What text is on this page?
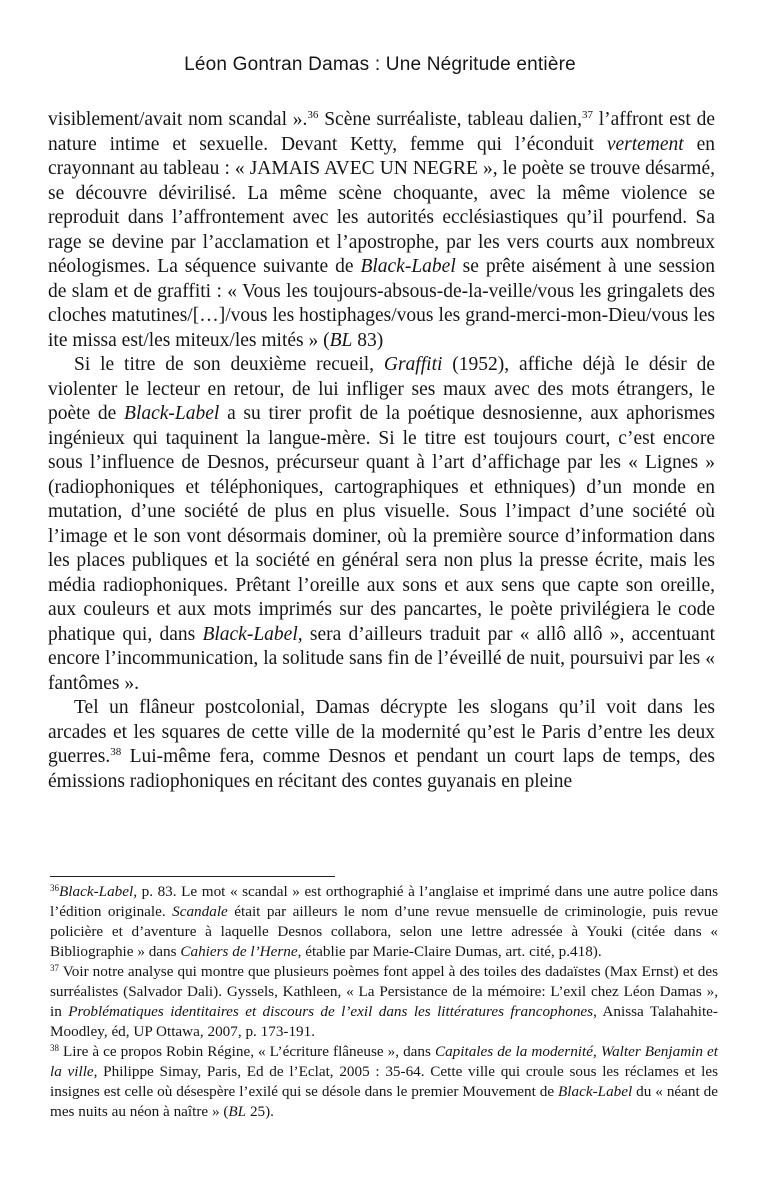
Léon Gontran Damas : Une Négritude entière

visiblement/avait nom scandal ».$^{36}$ Scène surréaliste, tableau dalien,$^{37}$ l’affront est de nature intime et sexuelle. Devant Ketty, femme qui l’éconduit vertement en crayonnant au tableau : « JAMAIS AVEC UN NEGRE », le poète se trouve désarmé, se découvre dévirilisé. La même scène choquante, avec la même violence se reproduit dans l’affrontement avec les autorités ecclésiastiques qu’il pourfend. Sa rage se devine par l’acclamation et l’apostrophe, par les vers courts aux nombreux néologismes. La séquence suivante de Black-Label se prête aisément à une session de slam et de graffiti : « Vous les toujours-absous-de-la-veille/vous les gringalets des cloches matutines/[…]/vous les hostiphages/vous les grand-merci-mon-Dieu/vous les ite missa est/les miteux/les mités » (BL 83)

Si le titre de son deuxième recueil, Graffiti (1952), affiche déjà le désir de violenter le lecteur en retour, de lui infliger ses maux avec des mots étrangers, le poète de Black-Label a su tirer profit de la poétique desnosienne, aux aphorismes ingénieux qui taquinent la langue-mère. Si le titre est toujours court, c’est encore sous l’influence de Desnos, précurseur quant à l’art d’affichage par les « Lignes » (radiophoniques et téléphoniques, cartographiques et ethniques) d’un monde en mutation, d’une société de plus en plus visuelle. Sous l’impact d’une société où l’image et le son vont désormais dominer, où la première source d’information dans les places publiques et la société en général sera non plus la presse écrite, mais les média radiophoniques. Prêtant l’oreille aux sons et aux sens que capte son oreille, aux couleurs et aux mots imprimés sur des pancartes, le poète privilégiera le code phatique qui, dans Black-Label, sera d’ailleurs traduit par « allô allô », accentuant encore l’incommunication, la solitude sans fin de l’éveillé de nuit, poursuivi par les « fantômes ».

Tel un flâneur postcolonial, Damas décrypte les slogans qu’il voit dans les arcades et les squares de cette ville de la modernité qu’est le Paris d’entre les deux guerres.$^{38}$ Lui-même fera, comme Desnos et pendant un court laps de temps, des émissions radiophoniques en récitant des contes guyanais en pleine

$^{36}$Black-Label, p. 83. Le mot « scandal » est orthographié à l’anglaise et imprimé dans une autre police dans l’édition originale. Scandale était par ailleurs le nom d’une revue mensuelle de criminologie, puis revue policière et d’aventure à laquelle Desnos collabora, selon une lettre adressée à Youki (citée dans « Bibliographie » dans Cahiers de l’Herne, établie par Marie-Claire Dumas, art. cité, p.418).

$^{37}$ Voir notre analyse qui montre que plusieurs poèmes font appel à des toiles des dadaïstes (Max Ernst) et des surréalistes (Salvador Dali). Gyssels, Kathleen, « La Persistance de la mémoire: L’exil chez Léon Damas », in Problématiques identitaires et discours de l’exil dans les littératures francophones, Anissa Talahahite-Moodley, éd, UP Ottawa, 2007, p. 173-191.

$^{38}$ Lire à ce propos Robin Régine, « L’écriture flâneuse », dans Capitales de la modernité, Walter Benjamin et la ville, Philippe Simay, Paris, Ed de l’Eclat, 2005 : 35-64. Cette ville qui croule sous les réclames et les insignes est celle où désespère l’exilé qui se désole dans le premier Mouvement de Black-Label du « néant de mes nuits au néon à naître » (BL 25).
